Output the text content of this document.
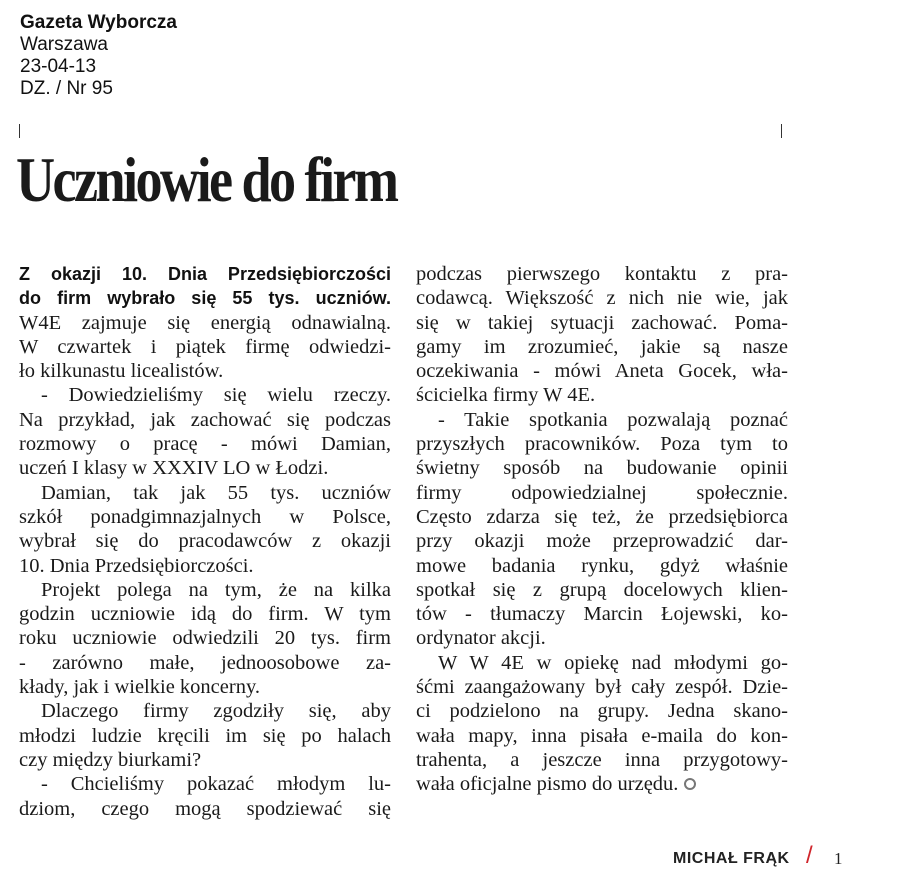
Gazeta Wyborcza
Warszawa
23-04-13
DZ. / Nr 95
Uczniowie do firm
Z okazji 10. Dnia Przedsiębiorczości
do firm wybrało się 55 tys. uczniów.
W4E zajmuje się energią odnawialną.
W czwartek i piątek firmę odwiedzi-
ło kilkunastu licealistów.
- Dowiedzieliśmy się wielu rzeczy.
Na przykład, jak zachować się podczas
rozmowy o pracę - mówi Damian,
uczeń I klasy w XXXIV LO w Łodzi.
Damian, tak jak 55 tys. uczniów
szkół ponadgimnazjalnych w Polsce,
wybrał się do pracodawców z okazji
10. Dnia Przedsiębiorczości.
Projekt polega na tym, że na kilka
godzin uczniowie idą do firm. W tym
roku uczniowie odwiedzili 20 tys. firm
- zarówno małe, jednoosobowe za-
kłady, jak i wielkie koncerny.
Dlaczego firmy zgodziły się, aby
młodzi ludzie kręcili im się po halach
czy między biurkami?
- Chcieliśmy pokazać młodym lu-
dziom, czego mogą spodziewać się
podczas pierwszego kontaktu z pra-
codawcą. Większość z nich nie wie, jak
się w takiej sytuacji zachować. Poma-
gamy im zrozumieć, jakie są nasze
oczekiwania - mówi Aneta Gocek, wła-
ścicielka firmy W 4E.
- Takie spotkania pozwalają poznać
przyszłych pracowników. Poza tym to
świetny sposób na budowanie opinii
firmy odpowiedzialnej społecznie.
Często zdarza się też, że przedsiębiorca
przy okazji może przeprowadzić dar-
mowe badania rynku, gdyż właśnie
spotkał się z grupą docelowych klien-
tów - tłumaczy Marcin Łojewski, ko-
ordynator akcji.
W W 4E w opiekę nad młodymi go-
śćmi zaangażowany był cały zespół. Dzie-
ci podzielono na grupy. Jedna skano-
wała mapy, inna pisała e-maila do kon-
trahenta, a jeszcze inna przygotowy-
wała oficjalne pismo do urzędu.
MICHAŁ FRĄK / 1
